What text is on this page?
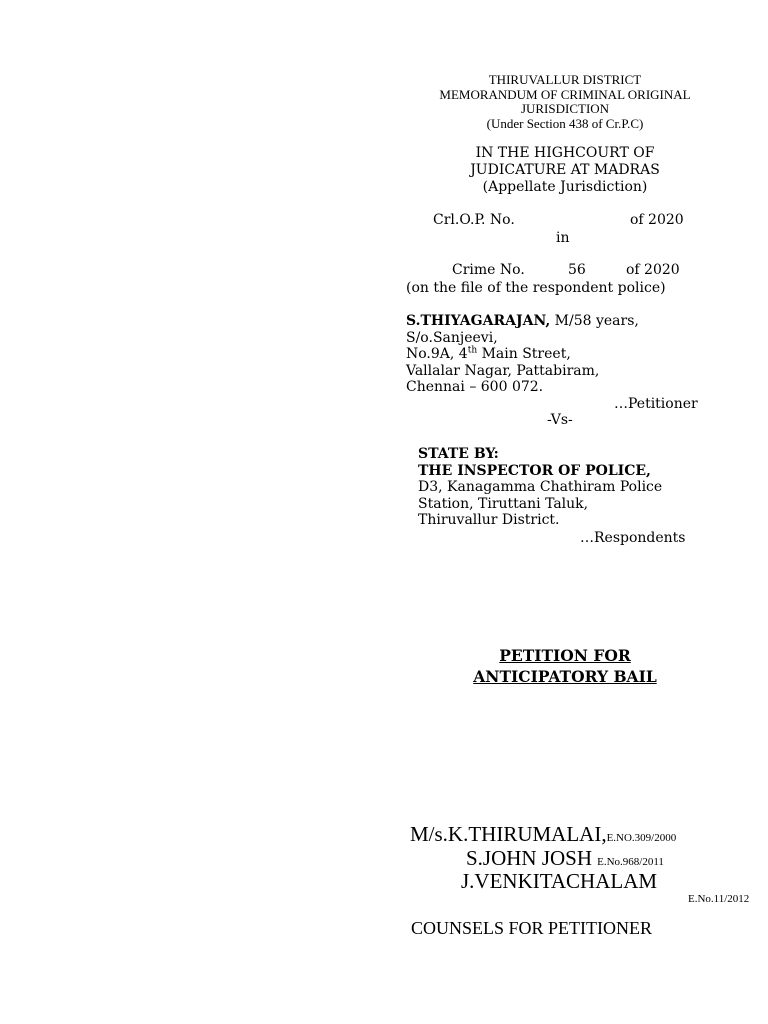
THIRUVALLUR DISTRICT
MEMORANDUM OF CRIMINAL ORIGINAL
JURISDICTION
(Under Section 438 of Cr.P.C)
IN THE HIGHCOURT OF
JUDICATURE AT MADRAS
(Appellate Jurisdiction)
Crl.O.P. No.	of 2020
in
Crime No.	56	of 2020
(on the file of the respondent police)
S.THIYAGARAJAN, M/58 years,
S/o.Sanjeevi,
No.9A, 4th Main Street,
Vallalar Nagar, Pattabiram,
Chennai – 600 072.
…Petitioner
-Vs-
STATE BY:
THE INSPECTOR OF POLICE,
D3, Kanagamma Chathiram Police
Station, Tiruttani Taluk,
Thiruvallur District.
…Respondents
PETITION FOR
ANTICIPATORY BAIL
M/s.K.THIRUMALAI,E.NO.309/2000
S.JOHN JOSH E.No.968/2011
J.VENKITACHALAM
E.No.11/2012
COUNSELS FOR PETITIONER
